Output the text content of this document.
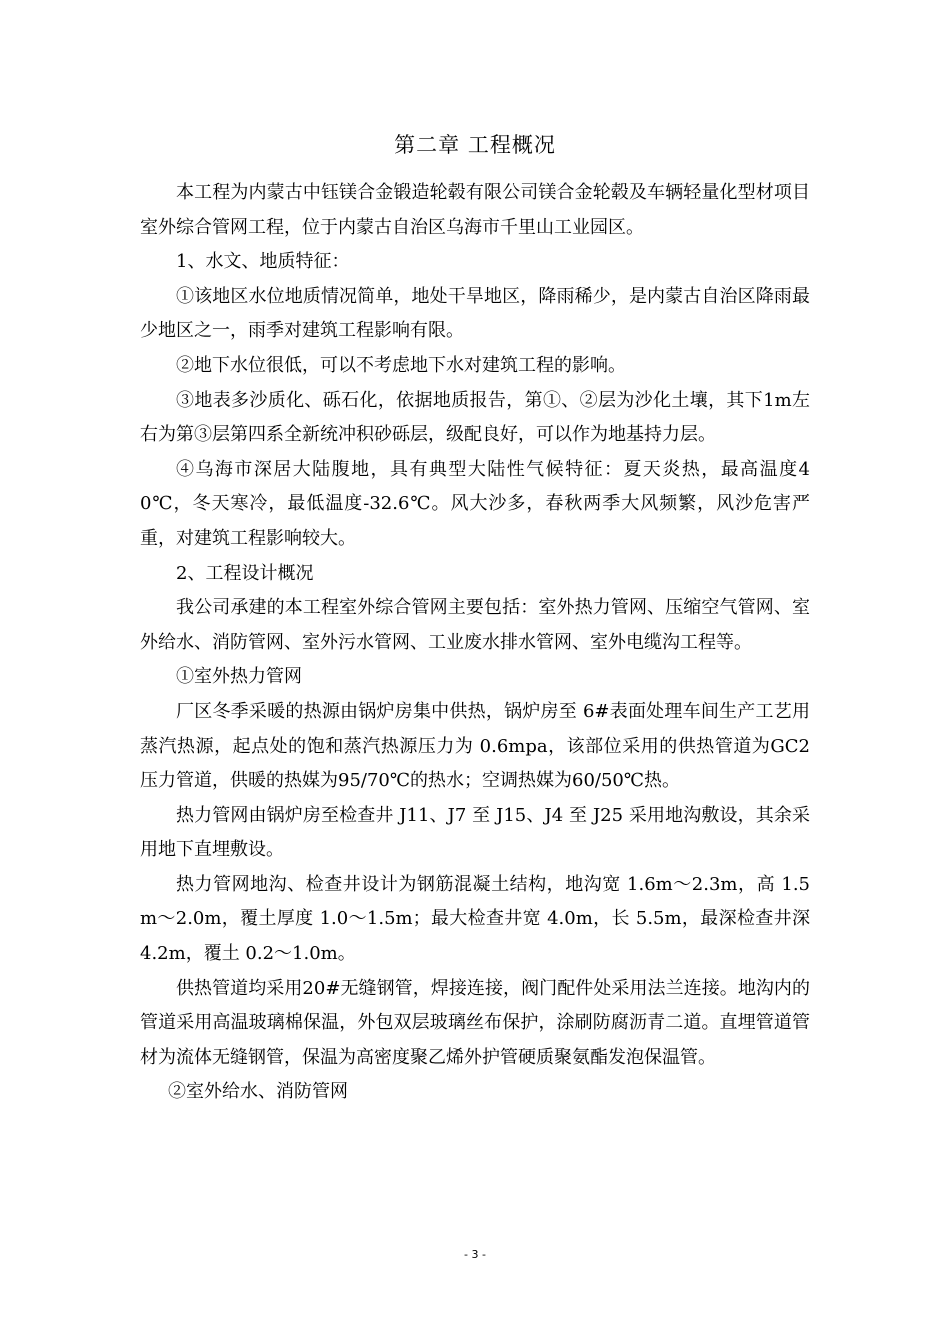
第二章 工程概况

本工程为内蒙古中钰镁合金锻造轮毂有限公司镁合金轮毂及车辆轻量化型材项目室外综合管网工程，位于内蒙古自治区乌海市千里山工业园区。

1、水文、地质特征：

①该地区水位地质情况简单，地处干旱地区，降雨稀少，是内蒙古自治区降雨最少地区之一，雨季对建筑工程影响有限。

②地下水位很低，可以不考虑地下水对建筑工程的影响。

③地表多沙质化、砾石化，依据地质报告，第①、②层为沙化土壤，其下1m左右为第③层第四系全新统冲积砂砾层，级配良好，可以作为地基持力层。

④乌海市深居大陆腹地，具有典型大陆性气候特征：夏天炎热，最高温度40℃，冬天寒冷，最低温度-32.6℃。风大沙多，春秋两季大风频繁，风沙危害严重，对建筑工程影响较大。

2、工程设计概况

我公司承建的本工程室外综合管网主要包括：室外热力管网、压缩空气管网、室外给水、消防管网、室外污水管网、工业废水排水管网、室外电缆沟工程等。

①室外热力管网

厂区冬季采暖的热源由锅炉房集中供热，锅炉房至 6#表面处理车间生产工艺用蒸汽热源，起点处的饱和蒸汽热源压力为 0.6mpa，该部位采用的供热管道为GC2 压力管道，供暖的热媒为95/70℃的热水；空调热媒为60/50℃热。

热力管网由锅炉房至检查井 J11、J7 至 J15、J4 至 J25 采用地沟敷设，其余采用地下直埋敷设。

热力管网地沟、检查井设计为钢筋混凝土结构，地沟宽 1.6m～2.3m，高 1.5m～2.0m，覆土厚度 1.0～1.5m；最大检查井宽 4.0m，长 5.5m，最深检查井深 4.2m，覆土 0.2～1.0m。

供热管道均采用20#无缝钢管，焊接连接，阀门配件处采用法兰连接。地沟内的管道采用高温玻璃棉保温，外包双层玻璃丝布保护，涂刷防腐沥青二道。直埋管道管材为流体无缝钢管，保温为高密度聚乙烯外护管硬质聚氨酯发泡保温管。

②室外给水、消防管网

- 3 -
